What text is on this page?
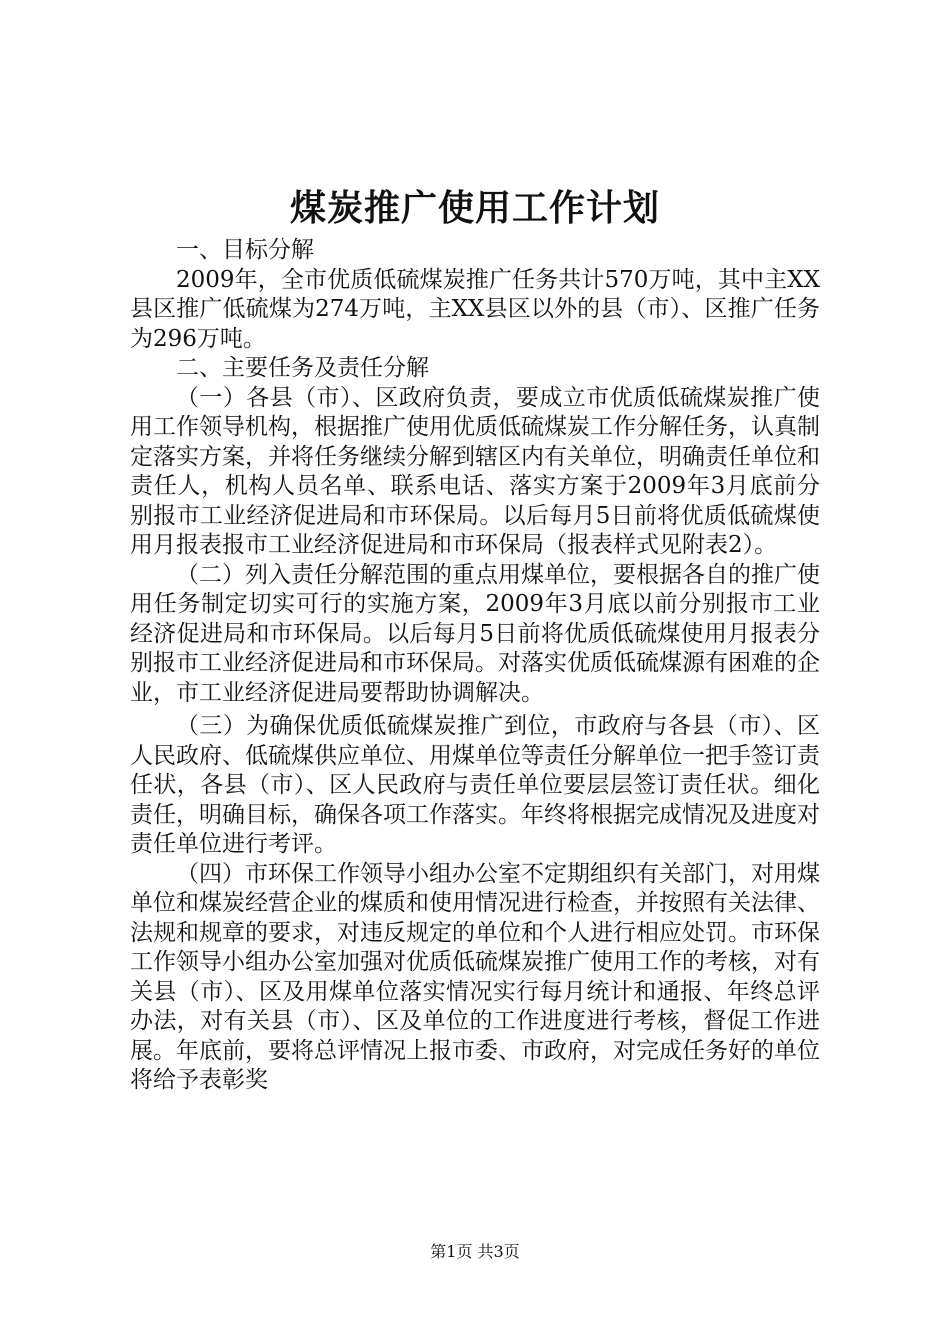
煤炭推广使用工作计划

一、目标分解

2009年，全市优质低硫煤炭推广任务共计570万吨，其中主XX县区推广低硫煤为274万吨，主XX县区以外的县（市）、区推广任务为296万吨。

二、主要任务及责任分解

（一）各县（市）、区政府负责，要成立市优质低硫煤炭推广使用工作领导机构，根据推广使用优质低硫煤炭工作分解任务，认真制定落实方案，并将任务继续分解到辖区内有关单位，明确责任单位和责任人，机构人员名单、联系电话、落实方案于2009年3月底前分别报市工业经济促进局和市环保局。以后每月5日前将优质低硫煤使用月报表报市工业经济促进局和市环保局（报表样式见附表2）。

（二）列入责任分解范围的重点用煤单位，要根据各自的推广使用任务制定切实可行的实施方案，2009年3月底以前分别报市工业经济促进局和市环保局。以后每月5日前将优质低硫煤使用月报表分别报市工业经济促进局和市环保局。对落实优质低硫煤源有困难的企业，市工业经济促进局要帮助协调解决。

（三）为确保优质低硫煤炭推广到位，市政府与各县（市）、区人民政府、低硫煤供应单位、用煤单位等责任分解单位一把手签订责任状，各县（市）、区人民政府与责任单位要层层签订责任状。细化责任，明确目标，确保各项工作落实。年终将根据完成情况及进度对责任单位进行考评。

（四）市环保工作领导小组办公室不定期组织有关部门，对用煤单位和煤炭经营企业的煤质和使用情况进行检查，并按照有关法律、法规和规章的要求，对违反规定的单位和个人进行相应处罚。市环保工作领导小组办公室加强对优质低硫煤炭推广使用工作的考核，对有关县（市）、区及用煤单位落实情况实行每月统计和通报、年终总评办法，对有关县（市）、区及单位的工作进度进行考核，督促工作进展。年底前，要将总评情况上报市委、市政府，对完成任务好的单位将给予表彰奖

第1页 共3页
